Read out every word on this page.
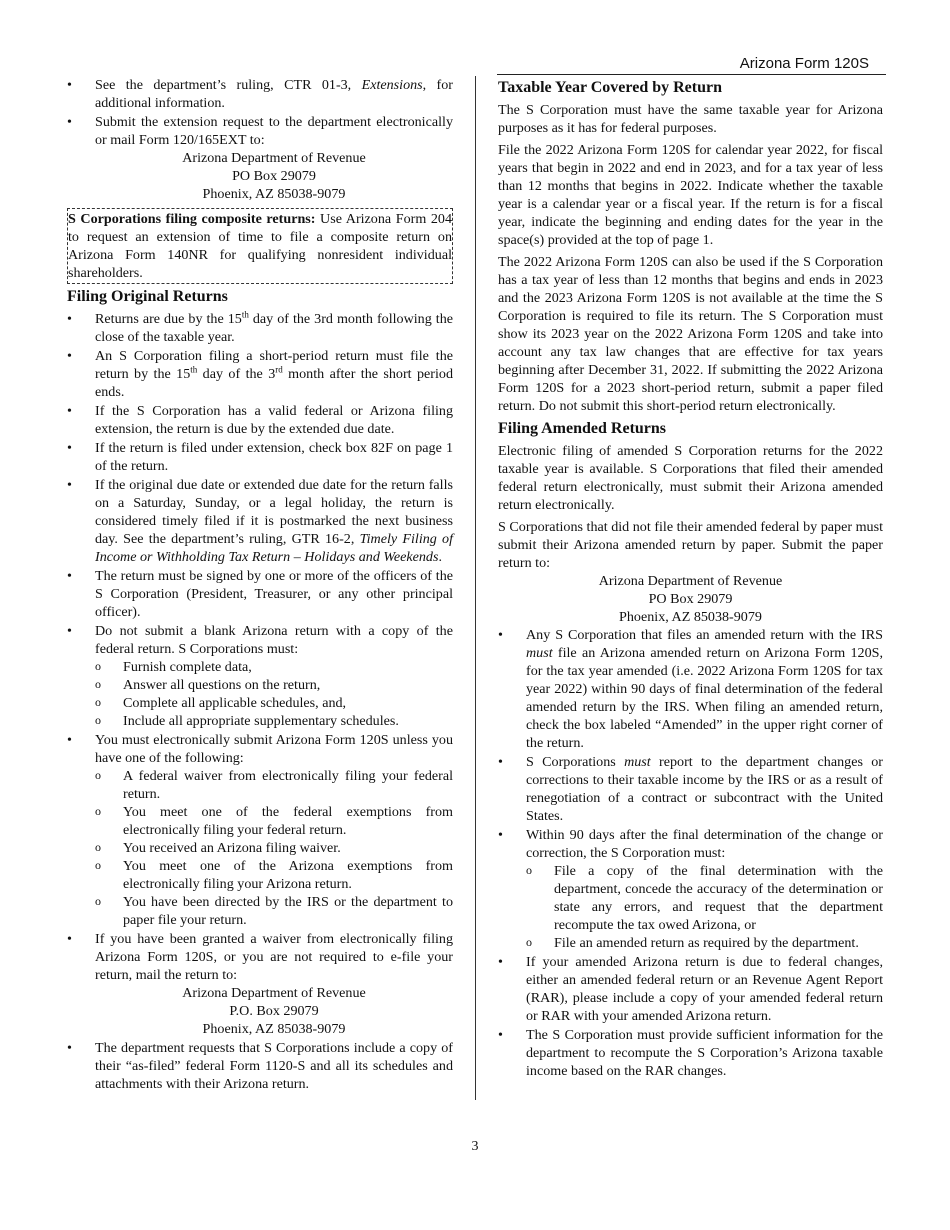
Arizona Form 120S
• See the department’s ruling, CTR 01-3, Extensions, for additional information.
• Submit the extension request to the department electronically or mail Form 120/165EXT to:
Arizona Department of Revenue
PO Box 29079
Phoenix, AZ 85038-9079

S Corporations filing composite returns: Use Arizona Form 204 to request an extension of time to file a composite return on Arizona Form 140NR for qualifying nonresident individual shareholders.

Filing Original Returns
• Returns are due by the 15th day of the 3rd month following the close of the taxable year.
• An S Corporation filing a short-period return must file the return by the 15th day of the 3rd month after the short period ends.
• If the S Corporation has a valid federal or Arizona filing extension, the return is due by the extended due date.
• If the return is filed under extension, check box 82F on page 1 of the return.
• If the original due date or extended due date for the return falls on a Saturday, Sunday, or a legal holiday, the return is considered timely filed if it is postmarked the next business day. See the department’s ruling, GTR 16-2, Timely Filing of Income or Withholding Tax Return – Holidays and Weekends.
• The return must be signed by one or more of the officers of the S Corporation (President, Treasurer, or any other principal officer).
• Do not submit a blank Arizona return with a copy of the federal return. S Corporations must:
o Furnish complete data,
o Answer all questions on the return,
o Complete all applicable schedules, and,
o Include all appropriate supplementary schedules.
• You must electronically submit Arizona Form 120S unless you have one of the following:
o A federal waiver from electronically filing your federal return.
o You meet one of the federal exemptions from electronically filing your federal return.
o You received an Arizona filing waiver.
o You meet one of the Arizona exemptions from electronically filing your Arizona return.
o You have been directed by the IRS or the department to paper file your return.
• If you have been granted a waiver from electronically filing Arizona Form 120S, or you are not required to e-file your return, mail the return to:
Arizona Department of Revenue
P.O. Box 29079
Phoenix, AZ 85038-9079
• The department requests that S Corporations include a copy of their “as-filed” federal Form 1120-S and all its schedules and attachments with their Arizona return.
Taxable Year Covered by Return

The S Corporation must have the same taxable year for Arizona purposes as it has for federal purposes.

File the 2022 Arizona Form 120S for calendar year 2022, for fiscal years that begin in 2022 and end in 2023, and for a tax year of less than 12 months that begins in 2022. Indicate whether the taxable year is a calendar year or a fiscal year. If the return is for a fiscal year, indicate the beginning and ending dates for the year in the space(s) provided at the top of page 1.

The 2022 Arizona Form 120S can also be used if the S Corporation has a tax year of less than 12 months that begins and ends in 2023 and the 2023 Arizona Form 120S is not available at the time the S Corporation is required to file its return. The S Corporation must show its 2023 year on the 2022 Arizona Form 120S and take into account any tax law changes that are effective for tax years beginning after December 31, 2022. If submitting the 2022 Arizona Form 120S for a 2023 short-period return, submit a paper filed return. Do not submit this short-period return electronically.

Filing Amended Returns

Electronic filing of amended S Corporation returns for the 2022 taxable year is available. S Corporations that filed their amended federal return electronically, must submit their Arizona amended return electronically.

S Corporations that did not file their amended federal by paper must submit their Arizona amended return by paper. Submit the paper return to:

Arizona Department of Revenue
PO Box 29079
Phoenix, AZ 85038-9079
• Any S Corporation that files an amended return with the IRS must file an Arizona amended return on Arizona Form 120S, for the tax year amended (i.e. 2022 Arizona Form 120S for tax year 2022) within 90 days of final determination of the federal amended return by the IRS. When filing an amended return, check the box labeled “Amended” in the upper right corner of the return.
• S Corporations must report to the department changes or corrections to their taxable income by the IRS or as a result of renegotiation of a contract or subcontract with the United States.
• Within 90 days after the final determination of the change or correction, the S Corporation must:
o File a copy of the final determination with the department, concede the accuracy of the determination or state any errors, and request that the department recompute the tax owed Arizona, or
o File an amended return as required by the department.
• If your amended Arizona return is due to federal changes, either an amended federal return or an Revenue Agent Report (RAR), please include a copy of your amended federal return or RAR with your amended Arizona return.
• The S Corporation must provide sufficient information for the department to recompute the S Corporation’s Arizona taxable income based on the RAR changes.
3
